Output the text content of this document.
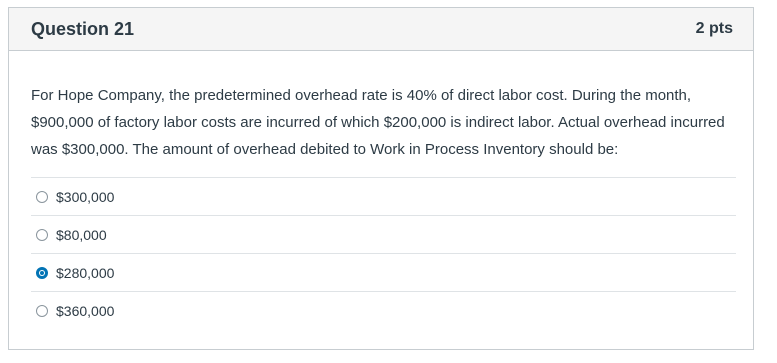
Question 21	2 pts
For Hope Company, the predetermined overhead rate is 40% of direct labor cost. During the month, $900,000 of factory labor costs are incurred of which $200,000 is indirect labor. Actual overhead incurred was $300,000. The amount of overhead debited to Work in Process Inventory should be:
$300,000
$80,000
$280,000
$360,000
